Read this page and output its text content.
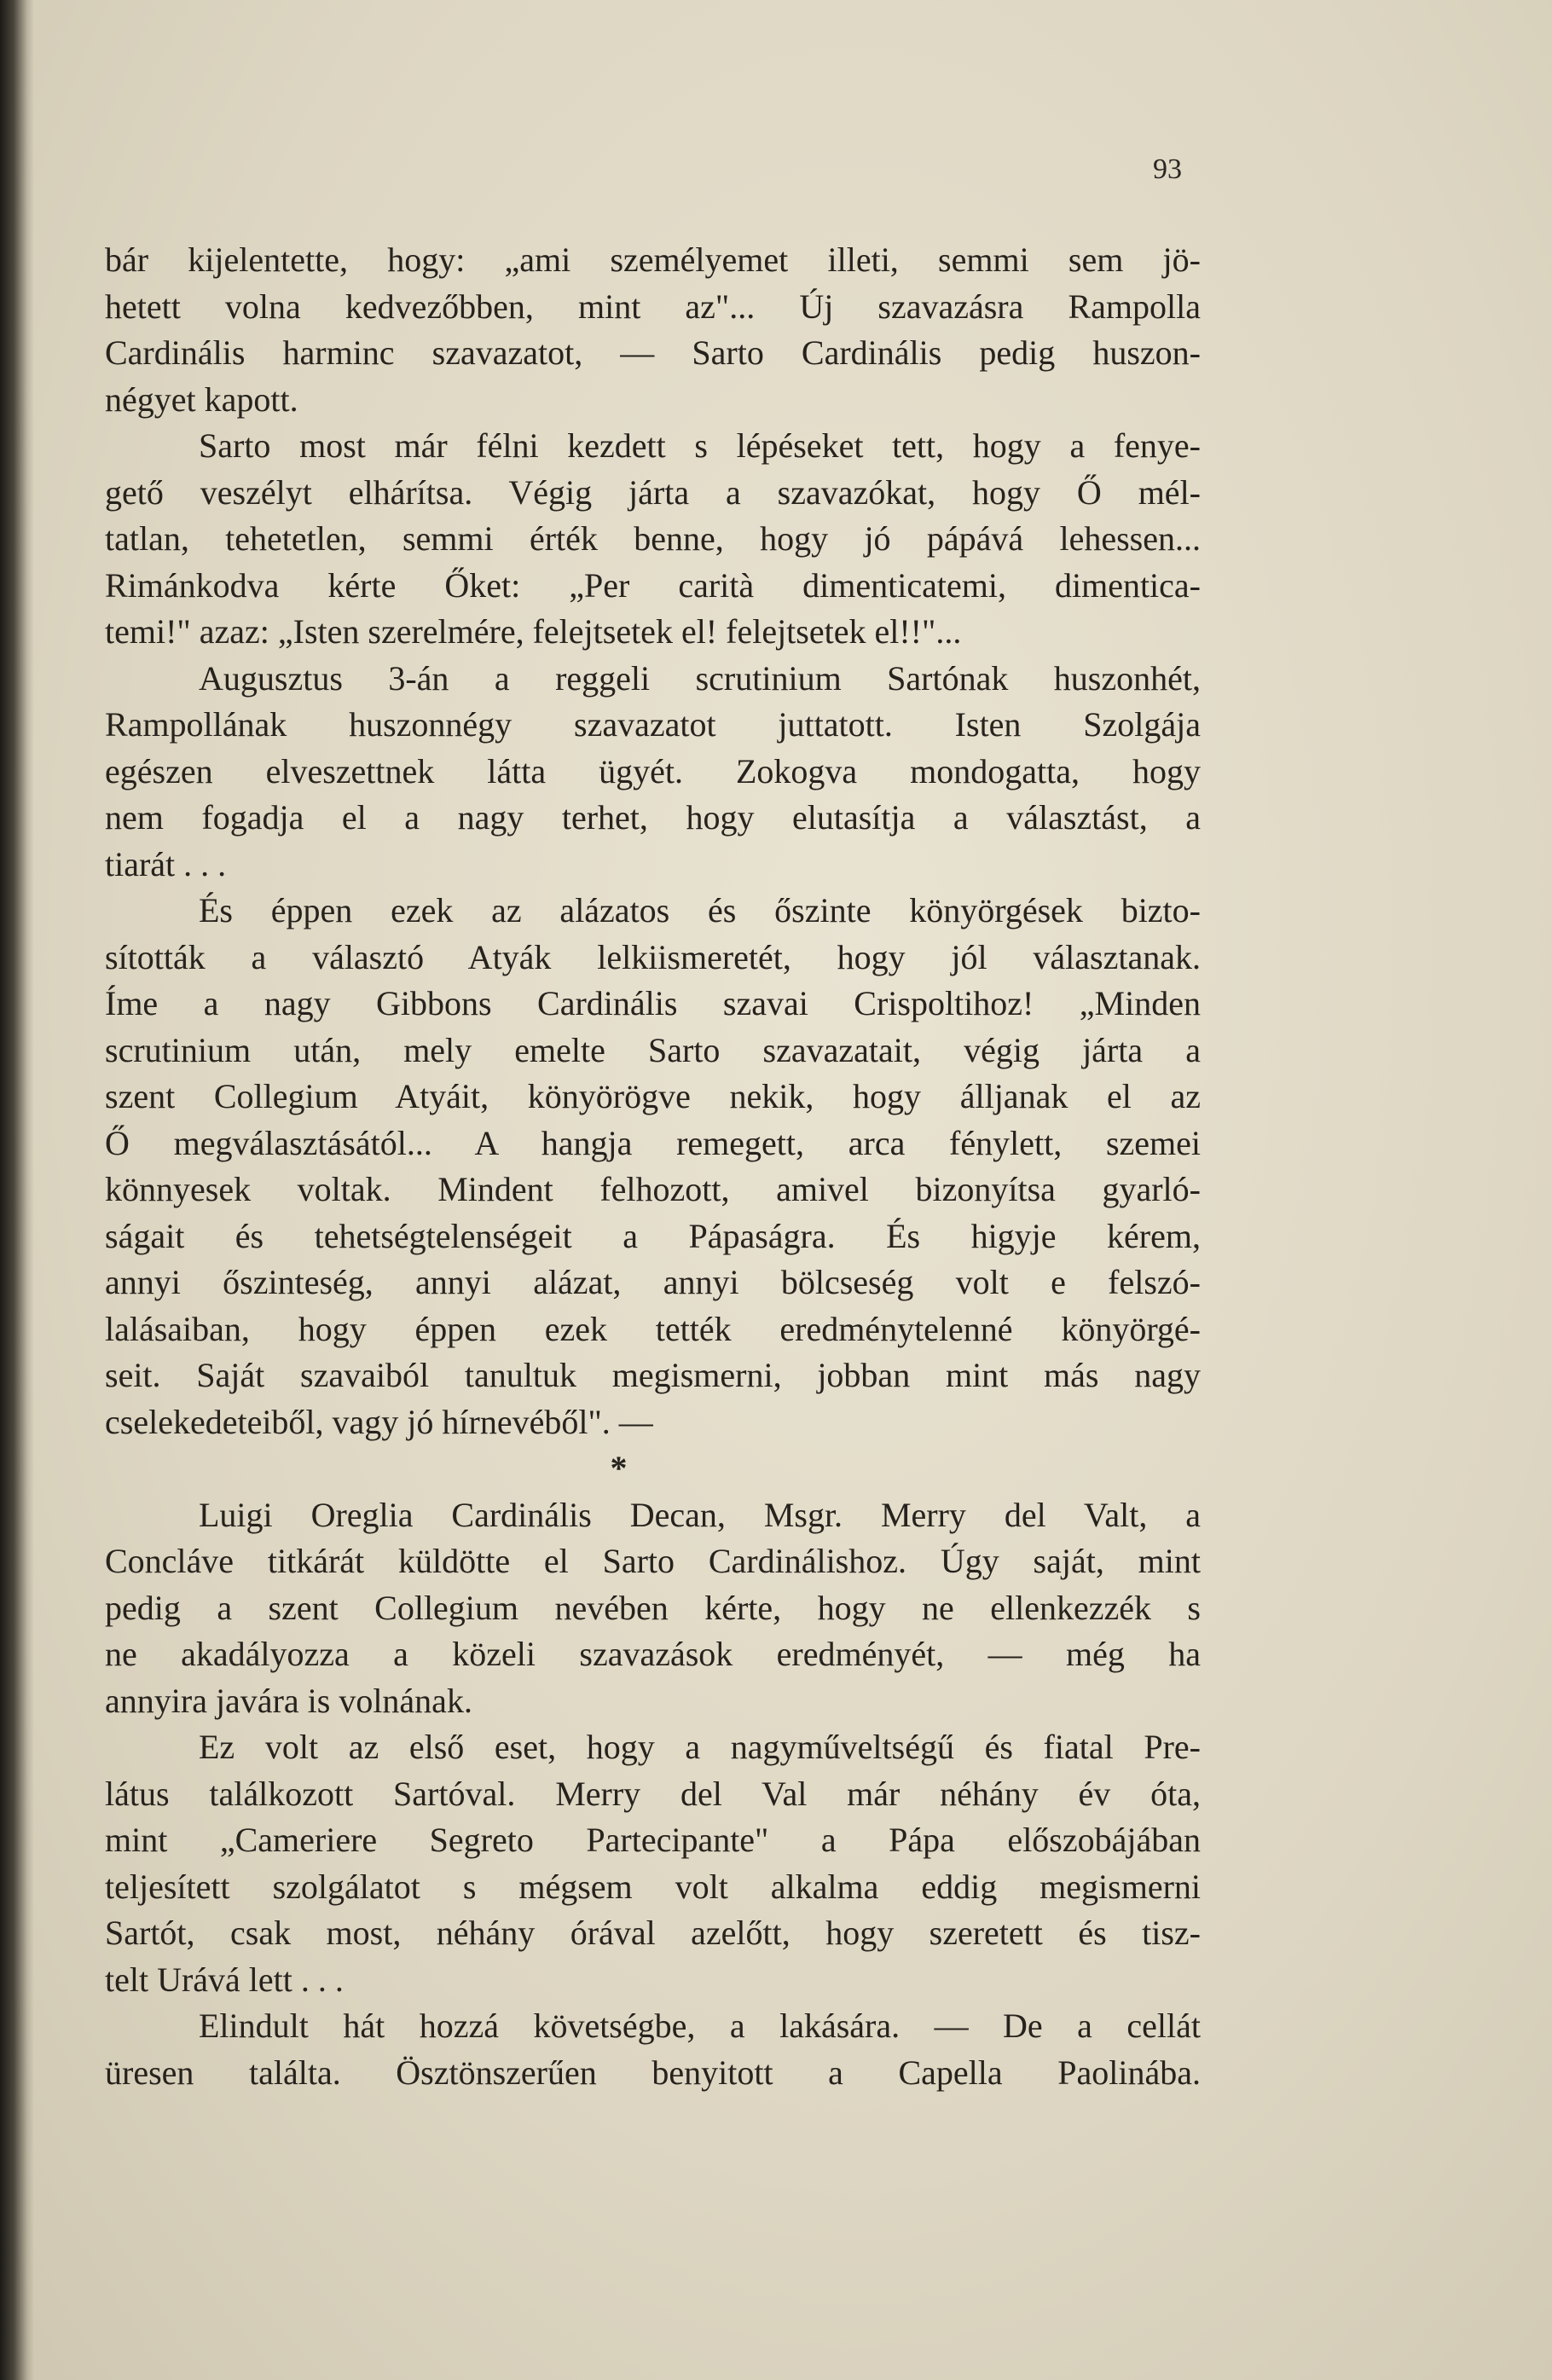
93
bár kijelentette, hogy: „ami személyemet illeti, semmi sem jö-
hetett volna kedvezőbben, mint az"... Új szavazásra Rampolla
Cardinális harminc szavazatot, — Sarto Cardinális pedig huszon-
négyet kapott.
Sarto most már félni kezdett s lépéseket tett, hogy a fenye-
gető veszélyt elhárítsa. Végig járta a szavazókat, hogy Ő mél-
tatlan, tehetetlen, semmi érték benne, hogy jó pápává lehessen...
Rimánkodva kérte Őket: „Per carità dimenticatemi, dimentica-
temi!" azaz: „Isten szerelmére, felejtsetek el! felejtsetek el!!"...
Augusztus 3-án a reggeli scrutinium Sartónak huszonhét,
Rampollának huszonnégy szavazatot juttatott. Isten Szolgája
egészen elveszettnek látta ügyét. Zokogva mondogatta, hogy
nem fogadja el a nagy terhet, hogy elutasítja a választást, a
tiarát . . .
És éppen ezek az alázatos és őszinte könyörgések bizto-
sították a választó Atyák lelkiismeretét, hogy jól választanak.
Íme a nagy Gibbons Cardinális szavai Crispoltihoz! „Minden
scrutinium után, mely emelte Sarto szavazatait, végig járta a
szent Collegium Atyáit, könyörögve nekik, hogy álljanak el az
Ő megválasztásától... A hangja remegett, arca fénylett, szemei
könnyesek voltak. Mindent felhozott, amivel bizonyítsa gyarló-
ságait és tehetségtelenségeit a Pápaságra. És higyje kérem,
annyi őszinteség, annyi alázat, annyi bölcseség volt e felszó-
lalásaiban, hogy éppen ezek tették eredménytelenné könyörgé-
seit. Saját szavaiból tanultuk megismerni, jobban mint más nagy
cselekedeteiből, vagy jó hírnevéből". —
*
Luigi Oreglia Cardinális Decan, Msgr. Merry del Valt, a
Concláve titkárát küldötte el Sarto Cardinálishoz. Úgy saját, mint
pedig a szent Collegium nevében kérte, hogy ne ellenkezzék s
ne akadályozza a közeli szavazások eredményét, — még ha
annyira javára is volnának.
Ez volt az első eset, hogy a nagyműveltségű és fiatal Pre-
látus találkozott Sartóval. Merry del Val már néhány év óta,
mint „Cameriere Segreto Partecipante" a Pápa előszobájában
teljesített szolgálatot s mégsem volt alkalma eddig megismerni
Sartót, csak most, néhány órával azelőtt, hogy szeretett és tisz-
telt Urává lett . . .
Elindult hát hozzá követségbe, a lakására. — De a cellát
üresen találta. Ösztönszerűen benyitott a Capella Paolinába.
